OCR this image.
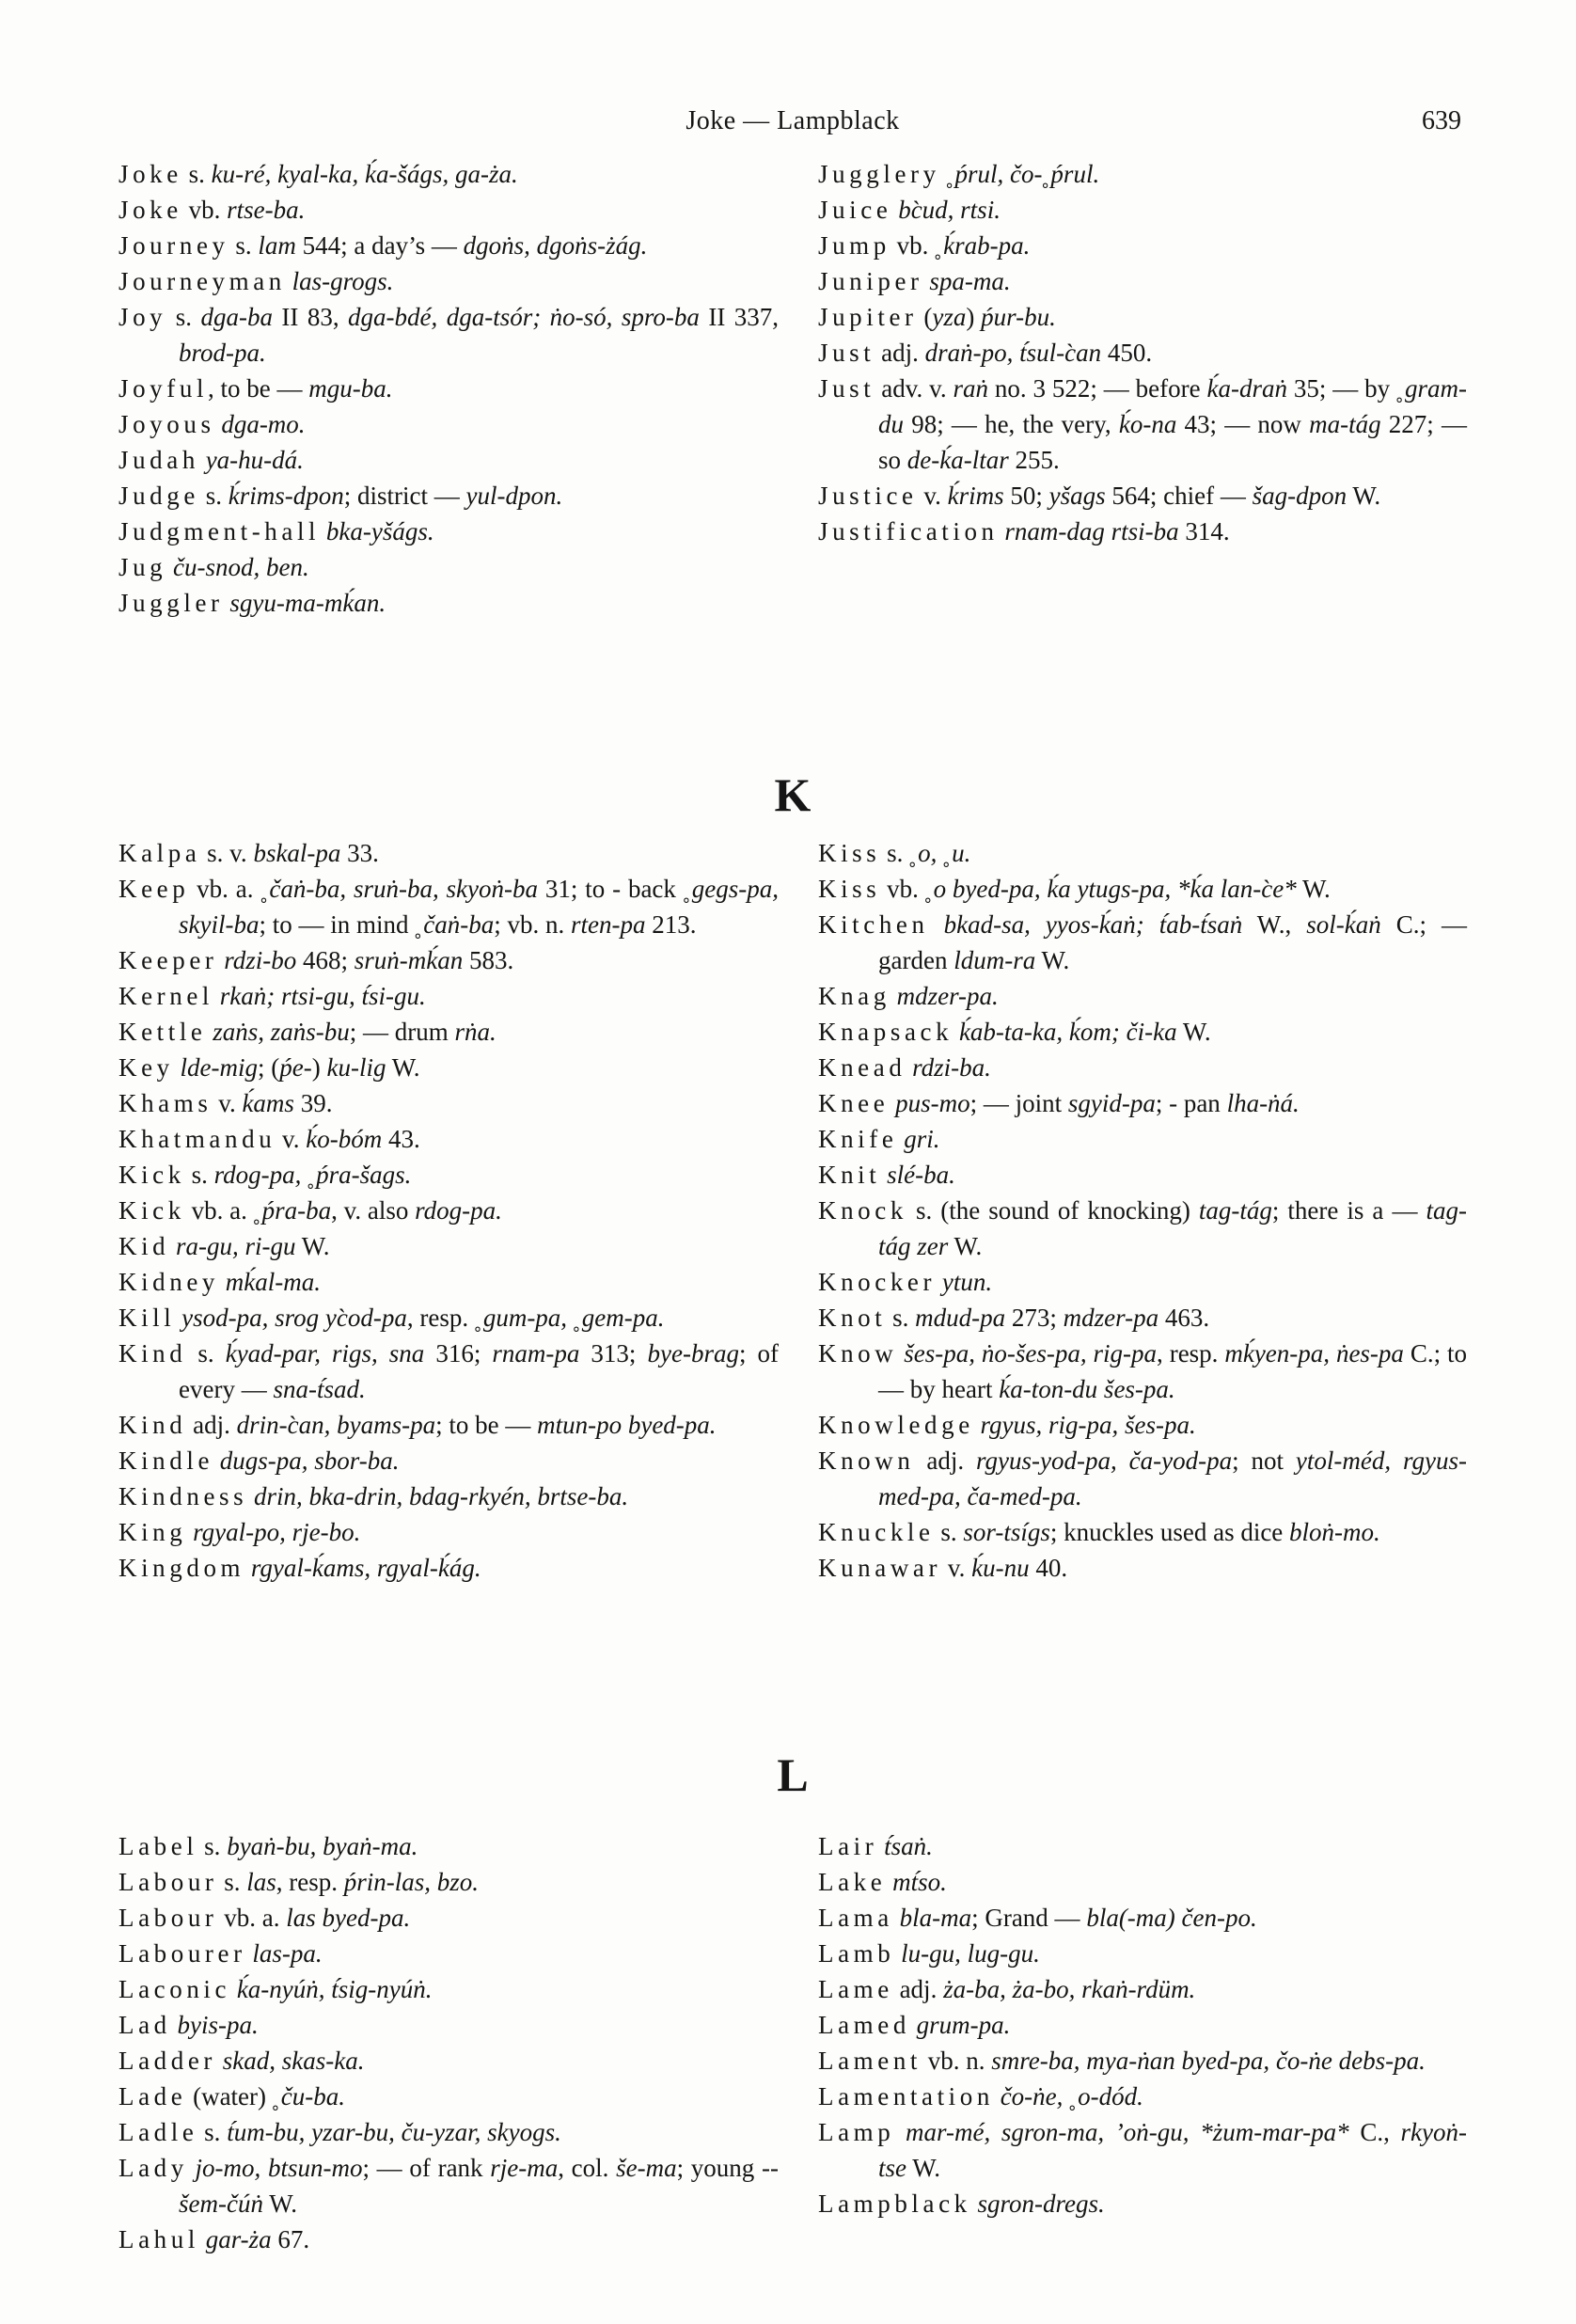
Joke — Lampblack	639

Joke s. ku-ré, kyal-ka, ḱa-šágs, ga-ża.

Joke vb. rtse-ba.

Journey s. lam 544; a day’s — dgoṅs, dgoṅs-żág.

Journeyman las-grogs.

Joy s. dga-ba II 83, dga-bdé, dga-tsór; ṅo-só, spro-ba II 337, brod-pa.

Joyful, to be — mgu-ba.

Joyous dga-mo.

Judah ya-hu-dá.

Judge s. ḱrims-dpon; district — yul-dpon.

Judgment-hall bka-yšágs.

Jug ču-snod, ben.

Juggler sgyu-ma-mḱan.

Jugglery ˳ṕrul, čo-˳ṕrul.

Juice bc̀ud, rtsi.

Jump vb. ˳ḱrab-pa.

Juniper spa-ma.

Jupiter (yza) ṕur-bu.

Just adj. draṅ-po, t́sul-c̀an 450.

Just adv. v. raṅ no. 3 522; — before ḱa-draṅ 35; — by ˳gram-du 98; — he, the very, ḱo-na 43; — now ma-tág 227; — so de-ḱa-ltar 255.

Justice v. ḱrims 50; yšags 564; chief — šag-dpon W.

Justification rnam-dag rtsi-ba 314.

K

Kalpa s. v. bskal-pa 33.

Keep vb. a. ˳čaṅ-ba, sruṅ-ba, skyoṅ-ba 31; to - back ˳gegs-pa, skyil-ba; to — in mind ˳čaṅ-ba; vb. n. rten-pa 213.

Keeper rdzi-bo 468; sruṅ-mḱan 583.

Kernel rkaṅ; rtsi-gu, t́si-gu.

Kettle zaṅs, zaṅs-bu; — drum rṅa.

Key lde-mig; (ṕe-) ku-lig W.

Khams v. ḱams 39.

Khatmandu v. ḱo-bóm 43.

Kick s. rdog-pa, ˳ṕra-šags.

Kick vb. a. ˳ṕra-ba, v. also rdog-pa.

Kid ra-gu, ri-gu W.

Kidney mḱal-ma.

Kill ysod-pa, srog yc̀od-pa, resp. ˳gum-pa, ˳gem-pa.

Kind s. ḱyad-par, rigs, sna 316; rnam-pa 313; bye-brag; of every — sna-t́sad.

Kind adj. drin-c̀an, byams-pa; to be — mtun-po byed-pa.

Kindle dugs-pa, sbor-ba.

Kindness drin, bka-drin, bdag-rkyén, brtse-ba.

King rgyal-po, rje-bo.

Kingdom rgyal-ḱams, rgyal-ḱág.

Kiss s. ˳o, ˳u.

Kiss vb. ˳o byed-pa, ḱa ytugs-pa, *ḱa lan-c̀e* W.

Kitchen bkad-sa, yyos-ḱaṅ; t́ab-t́saṅ W., sol-ḱaṅ C.; — garden ldum-ra W.

Knag mdzer-pa.

Knapsack ḱab-ta-ka, ḱom; či-ka W.

Knead rdzi-ba.

Knee pus-mo; — joint sgyid-pa; - pan lha-ṅá.

Knife gri.

Knit slé-ba.

Knock s. (the sound of knocking) tag-tág; there is a — tag-tág zer W.

Knocker ytun.

Knot s. mdud-pa 273; mdzer-pa 463.

Know šes-pa, ṅo-šes-pa, rig-pa, resp. mḱyen-pa, ṅes-pa C.; to — by heart ḱa-ton-du šes-pa.

Knowledge rgyus, rig-pa, šes-pa.

Known adj. rgyus-yod-pa, ča-yod-pa; not ytol-méd, rgyus-med-pa, ča-med-pa.

Knuckle s. sor-tsígs; knuckles used as dice bloṅ-mo.

Kunawar v. ḱu-nu 40.

L

Label s. byaṅ-bu, byaṅ-ma.

Labour s. las, resp. ṕrin-las, bzo.

Labour vb. a. las byed-pa.

Labourer las-pa.

Laconic ḱa-nyúṅ, t́sig-nyúṅ.

Lad byis-pa.

Ladder skad, skas-ka.

Lade (water) ˳ču-ba.

Ladle s. t́um-bu, yzar-bu, ču-yzar, skyogs.

Lady jo-mo, btsun-mo; — of rank rje-ma, col. še-ma; young -- šem-čúṅ W.

Lahul gar-ża 67.

Lair t́saṅ.

Lake mt́so.

Lama bla-ma; Grand — bla(-ma) čen-po.

Lamb lu-gu, lug-gu.

Lame adj. ża-ba, ża-bo, rkaṅ-rdüm.

Lamed grum-pa.

Lament vb. n. smre-ba, mya-ṅan byed-pa, čo-ṅe debs-pa.

Lamentation čo-ṅe, ˳o-dód.

Lamp mar-mé, sgron-ma, ’oṅ-gu, *żum-mar-pa* C., rkyoṅ-tse W.

Lampblack sgron-dregs.
